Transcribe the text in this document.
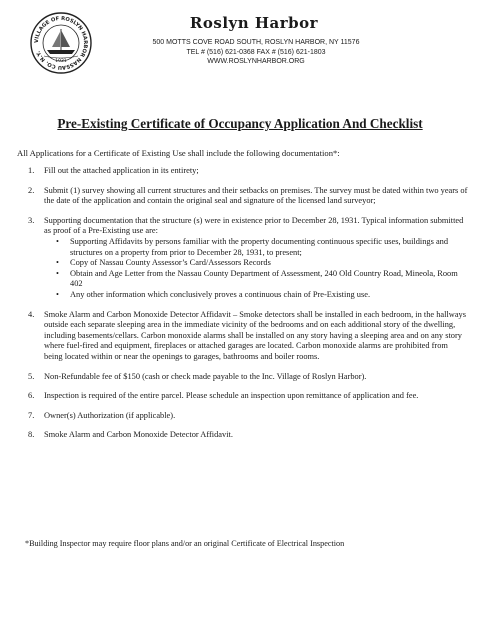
VILLAGE OF ROSLYN HARBOR NASSAU CO. N.Y.
1931
Roslyn Harbor
500 MOTTS COVE ROAD SOUTH, ROSLYN HARBOR, NY 11576
TEL # (516) 621-0368 FAX # (516) 621-1803
WWW.ROSLYNHARBOR.ORG
Pre-Existing Certificate of Occupancy Application And Checklist
All Applications for a Certificate of Existing Use shall include the following documentation*:
1. Fill out the attached application in its entirety;
2. Submit (1) survey showing all current structures and their setbacks on premises. The survey must be dated within two years of the date of the application and contain the original seal and signature of the licensed land surveyor;
3. Supporting documentation that the structure (s) were in existence prior to December 28, 1931. Typical information submitted as proof of a Pre-Existing use are:
• Supporting Affidavits by persons familiar with the property documenting continuous specific uses, buildings and structures on a property from prior to December 28, 1931, to present;
• Copy of Nassau County Assessor’s Card/Assessors Records
• Obtain and Age Letter from the Nassau County Department of Assessment, 240 Old Country Road, Mineola, Room 402
• Any other information which conclusively proves a continuous chain of Pre-Existing use.
4. Smoke Alarm and Carbon Monoxide Detector Affidavit – Smoke detectors shall be installed in each bedroom, in the hallways outside each separate sleeping area in the immediate vicinity of the bedrooms and on each additional story of the dwelling, including basements/cellars. Carbon monoxide alarms shall be installed on any story having a sleeping area and on any story where fuel-fired and equipment, fireplaces or attached garages are located. Carbon monoxide alarms are prohibited from being located within or near the openings to garages, bathrooms and boiler rooms.
5. Non-Refundable fee of $150 (cash or check made payable to the Inc. Village of Roslyn Harbor).
6. Inspection is required of the entire parcel. Please schedule an inspection upon remittance of application and fee.
7. Owner(s) Authorization (if applicable).
8. Smoke Alarm and Carbon Monoxide Detector Affidavit.
*Building Inspector may require floor plans and/or an original Certificate of Electrical Inspection
